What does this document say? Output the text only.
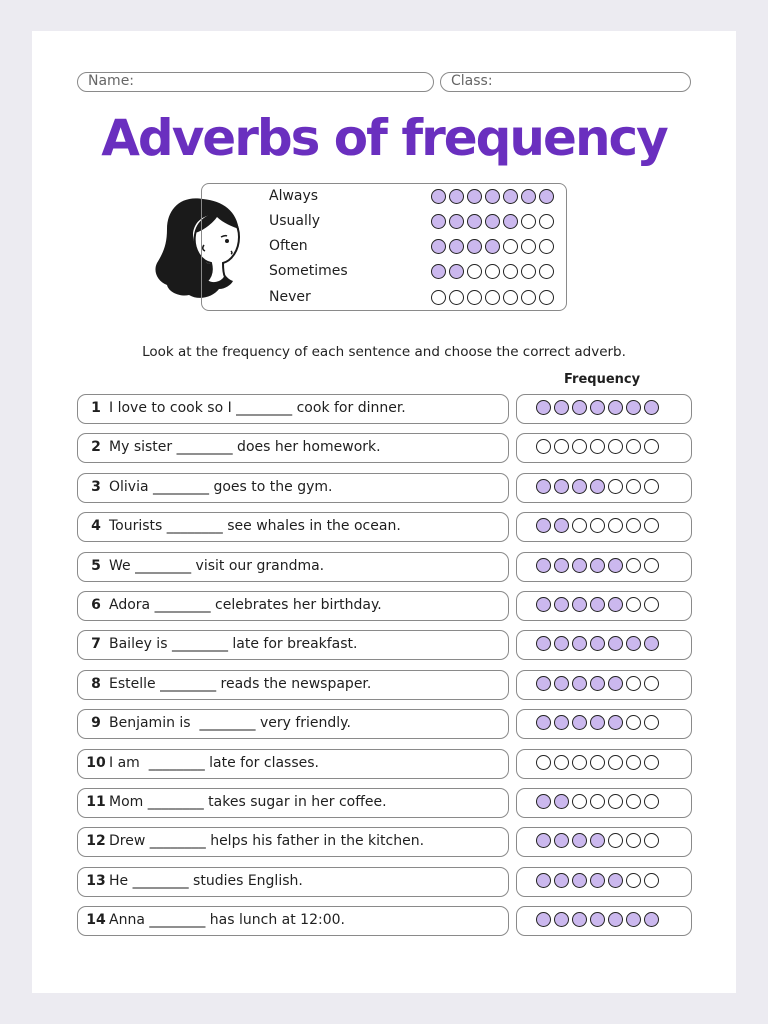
Name:	Class:
Adverbs of frequency
Always
Usually
Often
Sometimes
Never
Look at the frequency of each sentence and choose the correct adverb.
Frequency
1 I love to cook so I ________ cook for dinner.
2 My sister ________ does her homework.
3 Olivia ________ goes to the gym.
4 Tourists ________ see whales in the ocean.
5 We ________ visit our grandma.
6 Adora ________ celebrates her birthday.
7 Bailey is ________ late for breakfast.
8 Estelle ________ reads the newspaper.
9 Benjamin is  ________ very friendly.
10 I am  ________ late for classes.
11 Mom ________ takes sugar in her coffee.
12 Drew ________ helps his father in the kitchen.
13 He ________ studies English.
14 Anna ________ has lunch at 12:00.
